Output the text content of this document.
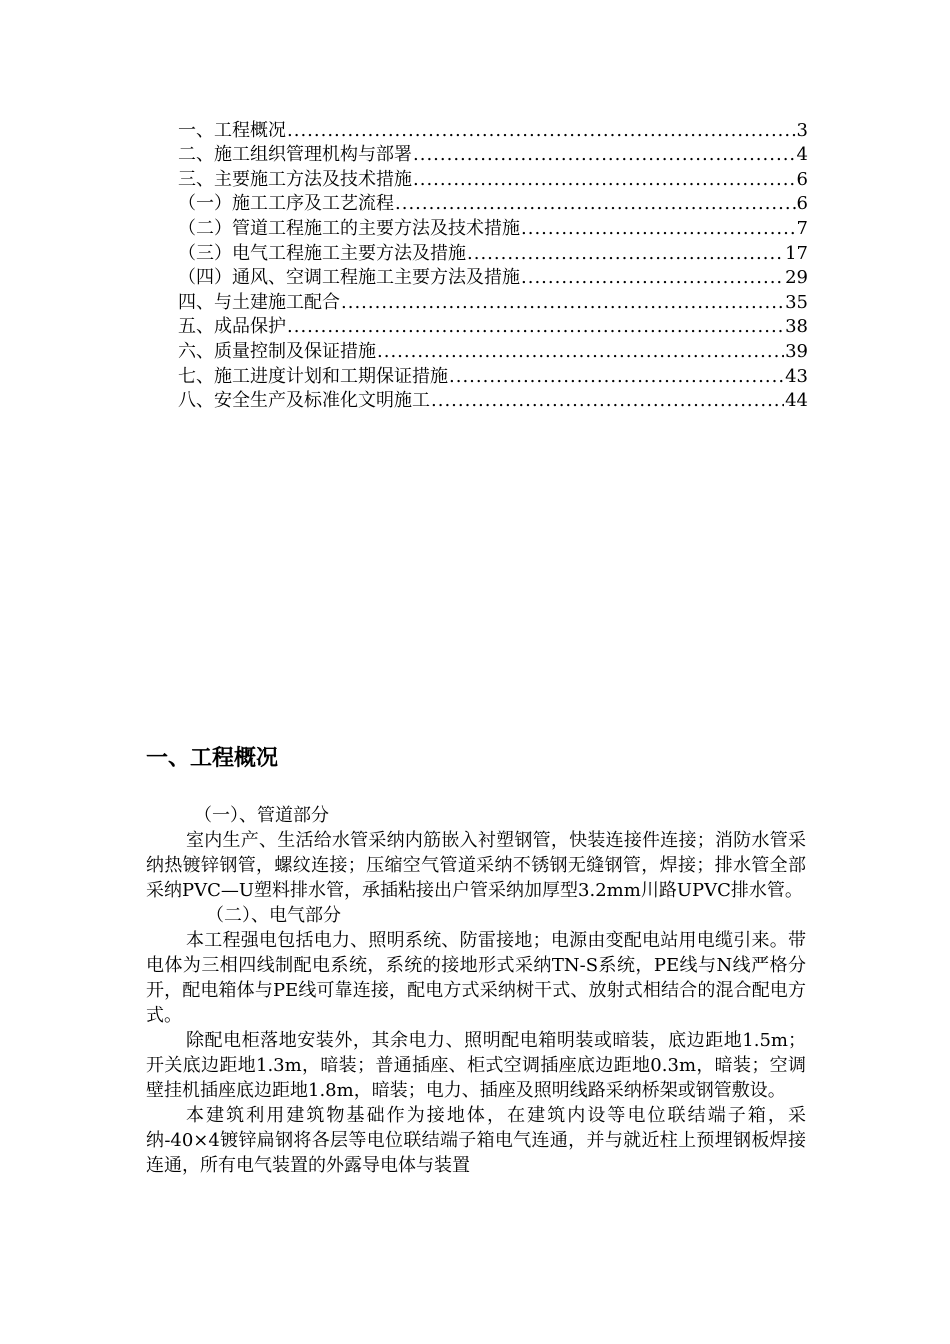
一、工程概况 .....	3
二、施工组织管理机构与部署 .....	4
三、主要施工方法及技术措施 .....	6
（一）施工工序及工艺流程 .....	6
（二）管道工程施工的主要方法及技术措施 .....	7
（三）电气工程施工主要方法及措施 .....	17
（四）通风、空调工程施工主要方法及措施 .....	29
四、与土建施工配合 .....	35
五、成品保护 .....	38
六、质量控制及保证措施 .....	39
七、施工进度计划和工期保证措施 .....	43
八、安全生产及标准化文明施工 .....	44
一、工程概况

（一）、管道部分

室内生产、生活给水管采纳内筋嵌入衬塑钢管，快装连接件连接；消防水管采纳热镀锌钢管，螺纹连接；压缩空气管道采纳不锈钢无缝钢管，焊接；排水管全部采纳PVC—U塑料排水管，承插粘接出户管采纳加厚型3.2mm川路UPVC排水管。

（二）、电气部分

本工程强电包括电力、照明系统、防雷接地；电源由变配电站用电缆引来。带电体为三相四线制配电系统，系统的接地形式采纳TN-S系统，PE线与N线严格分开，配电箱体与PE线可靠连接，配电方式采纳树干式、放射式相结合的混合配电方式。

除配电柜落地安装外，其余电力、照明配电箱明装或暗装，底边距地1.5m；开关底边距地1.3m，暗装；普通插座、柜式空调插座底边距地0.3m，暗装；空调壁挂机插座底边距地1.8m，暗装；电力、插座及照明线路采纳桥架或钢管敷设。

本建筑利用建筑物基础作为接地体，在建筑内设等电位联结端子箱，采纳-40×4镀锌扁钢将各层等电位联结端子箱电气连通，并与就近柱上预埋钢板焊接连通，所有电气装置的外露导电体与装置
